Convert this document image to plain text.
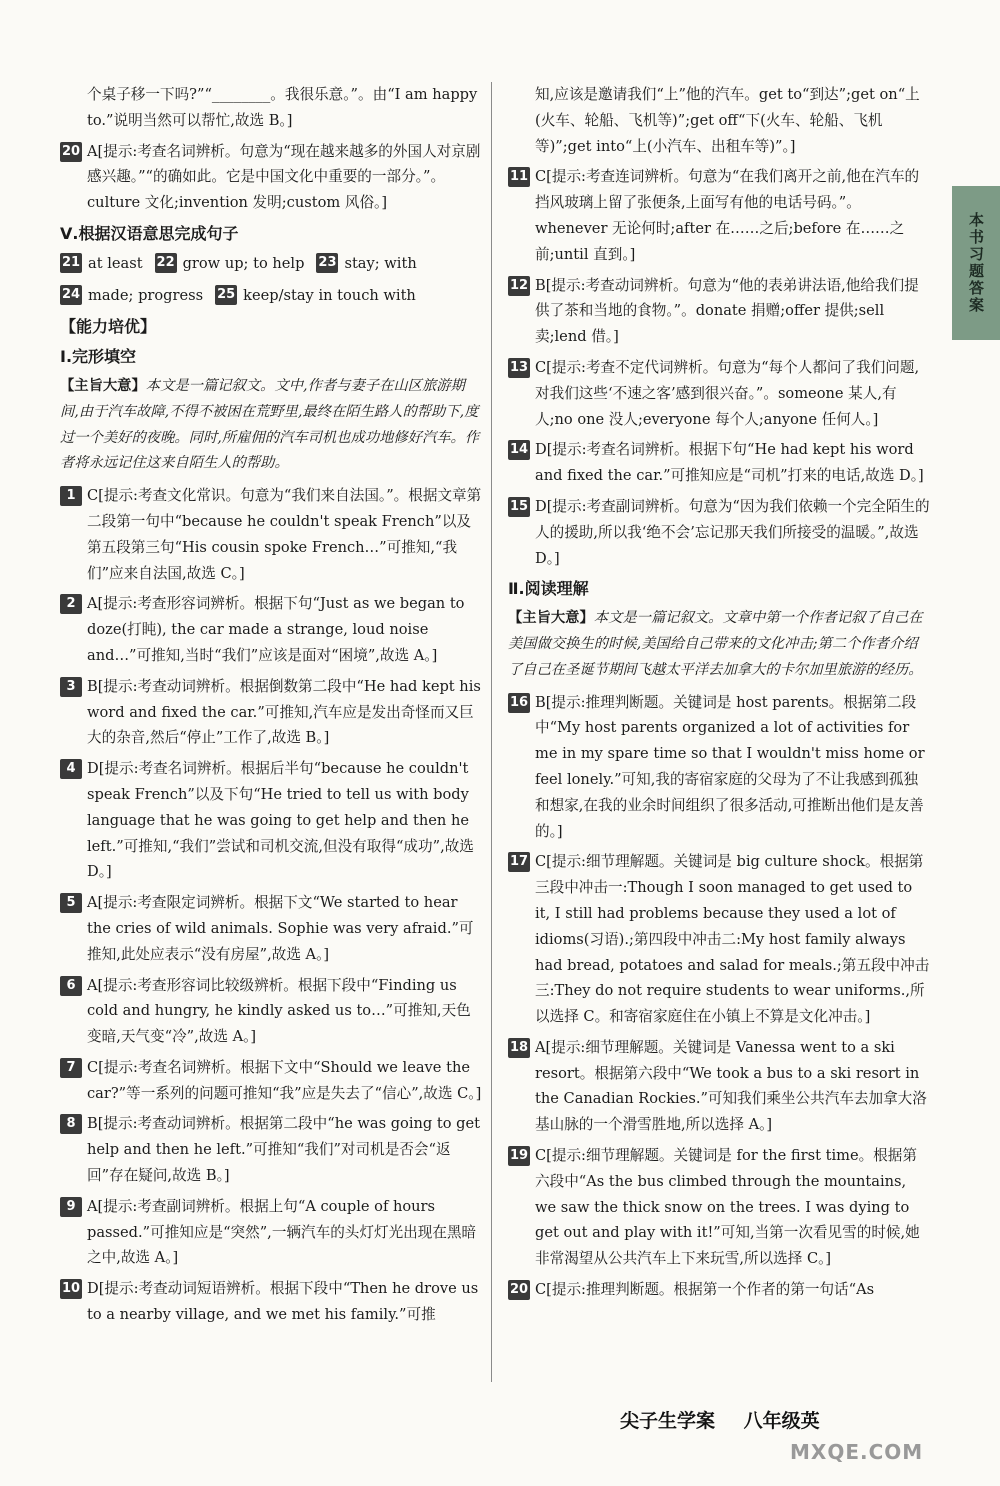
个桌子移一下吗?”“________。我很乐意。”。由“I am happy to.”说明当然可以帮忙,故选 B。]
20 A[提示:考查名词辨析。句意为“现在越来越多的外国人对京剧感兴趣。”“的确如此。它是中国文化中重要的一部分。”。culture 文化;invention 发明;custom 风俗。]
Ⅴ.根据汉语意思完成句子
21 at least 22 grow up; to help 23 stay; with
24 made; progress 25 keep/stay in touch with
【能力培优】
Ⅰ.完形填空
【主旨大意】本文是一篇记叙文。文中,作者与妻子在山区旅游期间,由于汽车故障,不得不被困在荒野里,最终在陌生路人的帮助下,度过一个美好的夜晚。同时,所雇佣的汽车司机也成功地修好汽车。作者将永远记住这来自陌生人的帮助。
1 C[提示:考查文化常识。句意为“我们来自法国。”。根据文章第二段第一句中“because he couldn't speak French”以及第五段第三句“His cousin spoke French…”可推知,“我们”应来自法国,故选 C。]
2 A[提示:考查形容词辨析。根据下句“Just as we began to doze(打盹), the car made a strange, loud noise and…”可推知,当时“我们”应该是面对“困境”,故选 A。]
3 B[提示:考查动词辨析。根据倒数第二段中“He had kept his word and fixed the car.”可推知,汽车应是发出奇怪而又巨大的杂音,然后“停止”工作了,故选 B。]
4 D[提示:考查名词辨析。根据后半句“because he couldn't speak French”以及下句“He tried to tell us with body language that he was going to get help and then he left.”可推知,“我们”尝试和司机交流,但没有取得“成功”,故选 D。]
5 A[提示:考查限定词辨析。根据下文“We started to hear the cries of wild animals. Sophie was very afraid.”可推知,此处应表示“没有房屋”,故选 A。]
6 A[提示:考查形容词比较级辨析。根据下段中“Finding us cold and hungry, he kindly asked us to…”可推知,天色变暗,天气变“冷”,故选 A。]
7 C[提示:考查名词辨析。根据下文中“Should we leave the car?”等一系列的问题可推知“我”应是失去了“信心”,故选 C。]
8 B[提示:考查动词辨析。根据第二段中“he was going to get help and then he left.”可推知“我们”对司机是否会“返回”存在疑问,故选 B。]
9 A[提示:考查副词辨析。根据上句“A couple of hours passed.”可推知应是“突然”,一辆汽车的头灯灯光出现在黑暗之中,故选 A。]
10 D[提示:考查动词短语辨析。根据下段中“Then he drove us to a nearby village, and we met his family.”可推
知,应该是邀请我们“上”他的汽车。get to“到达”;get on“上(火车、轮船、飞机等)”;get off“下(火车、轮船、飞机等)”;get into“上(小汽车、出租车等)”。]
11 C[提示:考查连词辨析。句意为“在我们离开之前,他在汽车的挡风玻璃上留了张便条,上面写有他的电话号码。”。whenever 无论何时;after 在……之后;before 在……之前;until 直到。]
12 B[提示:考查动词辨析。句意为“他的表弟讲法语,他给我们提供了茶和当地的食物。”。donate 捐赠;offer 提供;sell 卖;lend 借。]
13 C[提示:考查不定代词辨析。句意为“每个人都问了我们问题,对我们这些‘不速之客’感到很兴奋。”。someone 某人,有人;no one 没人;everyone 每个人;anyone 任何人。]
14 D[提示:考查名词辨析。根据下句“He had kept his word and fixed the car.”可推知应是“司机”打来的电话,故选 D。]
15 D[提示:考查副词辨析。句意为“因为我们依赖一个完全陌生的人的援助,所以我‘绝不会’忘记那天我们所接受的温暖。”,故选 D。]
Ⅱ.阅读理解
【主旨大意】本文是一篇记叙文。文章中第一个作者记叙了自己在美国做交换生的时候,美国给自己带来的文化冲击;第二个作者介绍了自己在圣诞节期间飞越太平洋去加拿大的卡尔加里旅游的经历。
16 B[提示:推理判断题。关键词是 host parents。根据第二段中“My host parents organized a lot of activities for me in my spare time so that I wouldn't miss home or feel lonely.”可知,我的寄宿家庭的父母为了不让我感到孤独和想家,在我的业余时间组织了很多活动,可推断出他们是友善的。]
17 C[提示:细节理解题。关键词是 big culture shock。根据第三段中冲击一:Though I soon managed to get used to it, I still had problems because they used a lot of idioms(习语).;第四段中冲击二:My host family always had bread, potatoes and salad for meals.;第五段中冲击三:They do not require students to wear uniforms.,所以选择 C。和寄宿家庭住在小镇上不算是文化冲击。]
18 A[提示:细节理解题。关键词是 Vanessa went to a ski resort。根据第六段中“We took a bus to a ski resort in the Canadian Rockies.”可知我们乘坐公共汽车去加拿大洛基山脉的一个滑雪胜地,所以选择 A。]
19 C[提示:细节理解题。关键词是 for the first time。根据第六段中“As the bus climbed through the mountains, we saw the thick snow on the trees. I was dying to get out and play with it!”可知,当第一次看见雪的时候,她非常渴望从公共汽车上下来玩雪,所以选择 C。]
20 C[提示:推理判断题。根据第一个作者的第一句话“As
本书习题答案
尖子生学案 八年级英
MXQE.COM
